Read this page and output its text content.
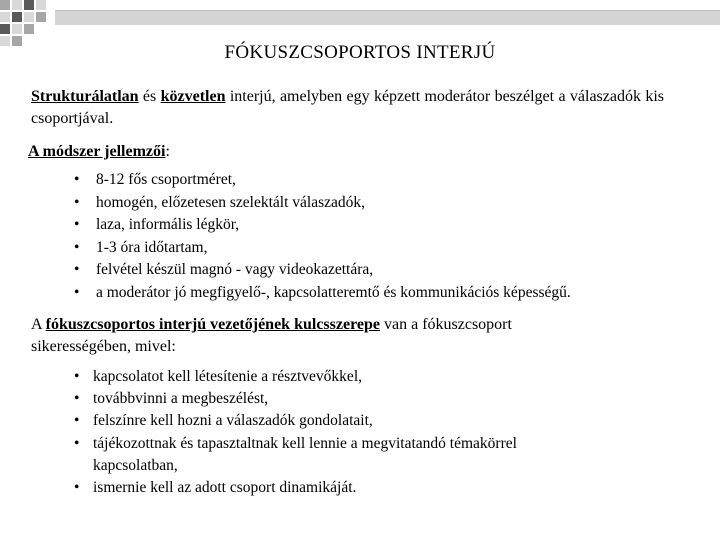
FÓKUSZCSOPORTOS INTERJÚ
Strukturálatlan és közvetlen interjú, amelyben egy képzett moderátor beszélget a válaszadók kis csoportjával.
A módszer jellemzői:
• 8-12 fős csoportméret,
• homogén, előzetesen szelektált válaszadók,
• laza, informális légkör,
• 1-3 óra időtartam,
• felvétel készül magnó - vagy videokazettára,
• a moderátor jó megfigyelő-, kapcsolatteremtő és kommunikációs képességű.
A fókuszcsoportos interjú vezetőjének kulcsszerepe van a fókuszcsoport sikerességében, mivel:
• kapcsolatot kell létesítenie a résztvevőkkel,
• továbbvinni a megbeszélést,
• felszínre kell hozni a válaszadók gondolatait,
• tájékozottnak és tapasztaltnak kell lennie a megvitatandó témakörrel kapcsolatban,
• ismernie kell az adott csoport dinamikáját.
